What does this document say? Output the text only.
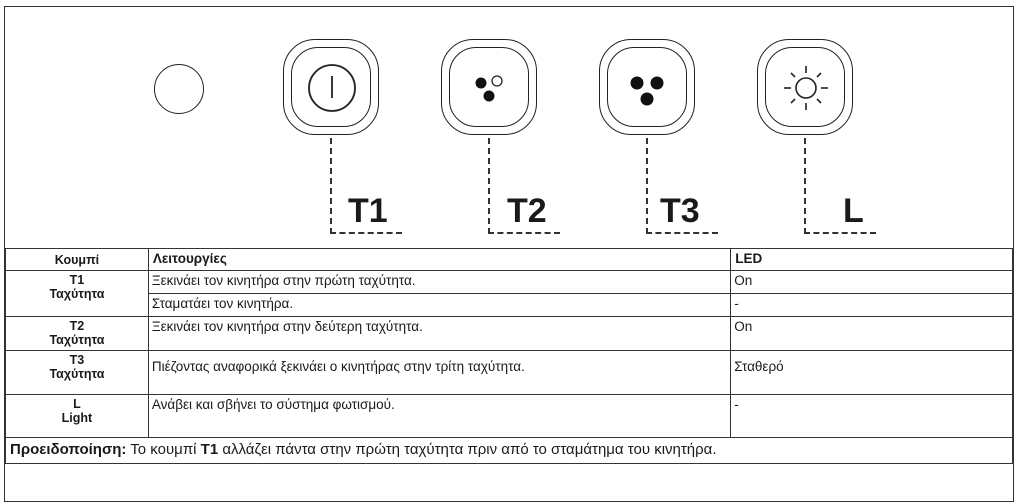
T1	T2	T3	L
Κουμπί	Λειτουργίες	LED

T1
Ταχύτητα	Ξεκινάει τον κινητήρα στην πρώτη ταχύτητα.	On
	Σταματάει τον κινητήρα.	-

T2
Ταχύτητα	Ξεκινάει τον κινητήρα στην δεύτερη ταχύτητα.	On

T3
Ταχύτητα	Πιέζοντας αναφορικά ξεκινάει ο κινητήρας στην τρίτη ταχύτητα.	Σταθερό

L
Light	Ανάβει και σβήνει το σύστημα φωτισμού.	-
Προειδοποίηση: Το κουμπί T1 αλλάζει πάντα στην πρώτη ταχύτητα πριν από το σταμάτημα του κινητήρα.		
